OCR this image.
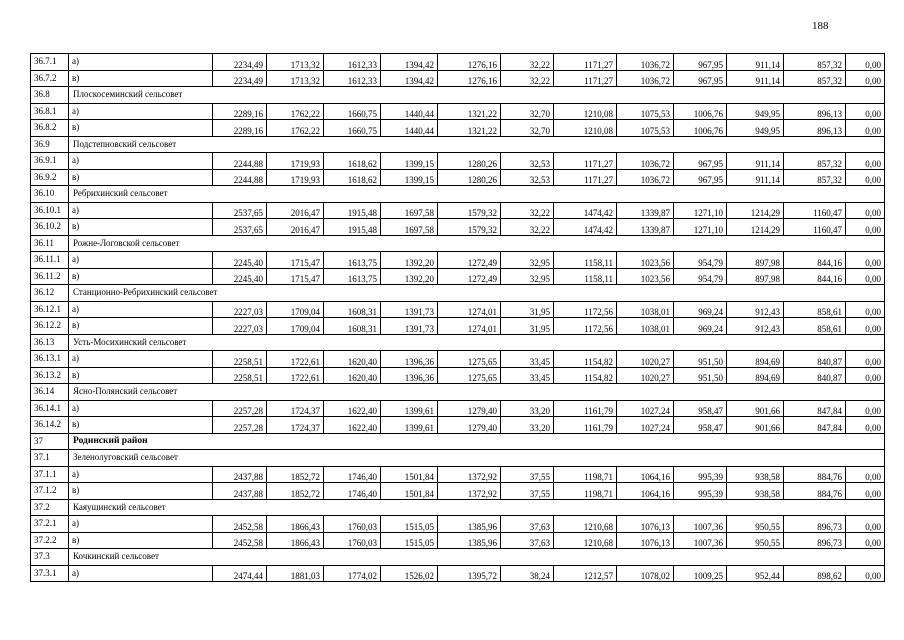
188
36.7.1	а)	2234,49	1713,32	1612,33	1394,42	1276,16	32,22	1171,27	1036,72	967,95	911,14	857,32	0,00
36.7.2	в)	2234,49	1713,32	1612,33	1394,42	1276,16	32,22	1171,27	1036,72	967,95	911,14	857,32	0,00
36.8	Плоскосеминский сельсовет												
36.8.1	а)	2289,16	1762,22	1660,75	1440,44	1321,22	32,70	1210,08	1075,53	1006,76	949,95	896,13	0,00
36.8.2	в)	2289,16	1762,22	1660,75	1440,44	1321,22	32,70	1210,08	1075,53	1006,76	949,95	896,13	0,00
36.9	Подстепновский сельсовет												
36.9.1	а)	2244,88	1719,93	1618,62	1399,15	1280,26	32,53	1171,27	1036,72	967,95	911,14	857,32	0,00
36.9.2	в)	2244,88	1719,93	1618,62	1399,15	1280,26	32,53	1171,27	1036,72	967,95	911,14	857,32	0,00
36.10	Ребрихинский сельсовет												
36.10.1	а)	2537,65	2016,47	1915,48	1697,58	1579,32	32,22	1474,42	1339,87	1271,10	1214,29	1160,47	0,00
36.10.2	в)	2537,65	2016,47	1915,48	1697,58	1579,32	32,22	1474,42	1339,87	1271,10	1214,29	1160,47	0,00
36.11	Рожне-Логовской сельсовет												
36.11.1	а)	2245,40	1715,47	1613,75	1392,20	1272,49	32,95	1158,11	1023,56	954,79	897,98	844,16	0,00
36.11.2	в)	2245,40	1715,47	1613,75	1392,20	1272,49	32,95	1158,11	1023,56	954,79	897,98	844,16	0,00
36.12	Станционно-Ребрихинский сельсовет												
36.12.1	а)	2227,03	1709,04	1608,31	1391,73	1274,01	31,95	1172,56	1038,01	969,24	912,43	858,61	0,00
36.12.2	в)	2227,03	1709,04	1608,31	1391,73	1274,01	31,95	1172,56	1038,01	969,24	912,43	858,61	0,00
36.13	Усть-Мосихинский сельсовет												
36.13.1	а)	2258,51	1722,61	1620,40	1396,36	1275,65	33,45	1154,82	1020,27	951,50	894,69	840,87	0,00
36.13.2	в)	2258,51	1722,61	1620,40	1396,36	1275,65	33,45	1154,82	1020,27	951,50	894,69	840,87	0,00
36.14	Ясно-Полянский сельсовет												
36.14.1	а)	2257,28	1724,37	1622,40	1399,61	1279,40	33,20	1161,79	1027,24	958,47	901,66	847,84	0,00
36.14.2	в)	2257,28	1724,37	1622,40	1399,61	1279,40	33,20	1161,79	1027,24	958,47	901,66	847,84	0,00
37	Родинский район												
37.1	Зеленолуговский сельсовет												
37.1.1	а)	2437,88	1852,72	1746,40	1501,84	1372,92	37,55	1198,71	1064,16	995,39	938,58	884,76	0,00
37.1.2	в)	2437,88	1852,72	1746,40	1501,84	1372,92	37,55	1198,71	1064,16	995,39	938,58	884,76	0,00
37.2	Каяушинский сельсовет												
37.2.1	а)	2452,58	1866,43	1760,03	1515,05	1385,96	37,63	1210,68	1076,13	1007,36	950,55	896,73	0,00
37.2.2	в)	2452,58	1866,43	1760,03	1515,05	1385,96	37,63	1210,68	1076,13	1007,36	950,55	896,73	0,00
37.3	Кочкинский сельсовет												
37.3.1	а)	2474,44	1881,03	1774,02	1526,02	1395,72	38,24	1212,57	1078,02	1009,25	952,44	898,62	0,00
